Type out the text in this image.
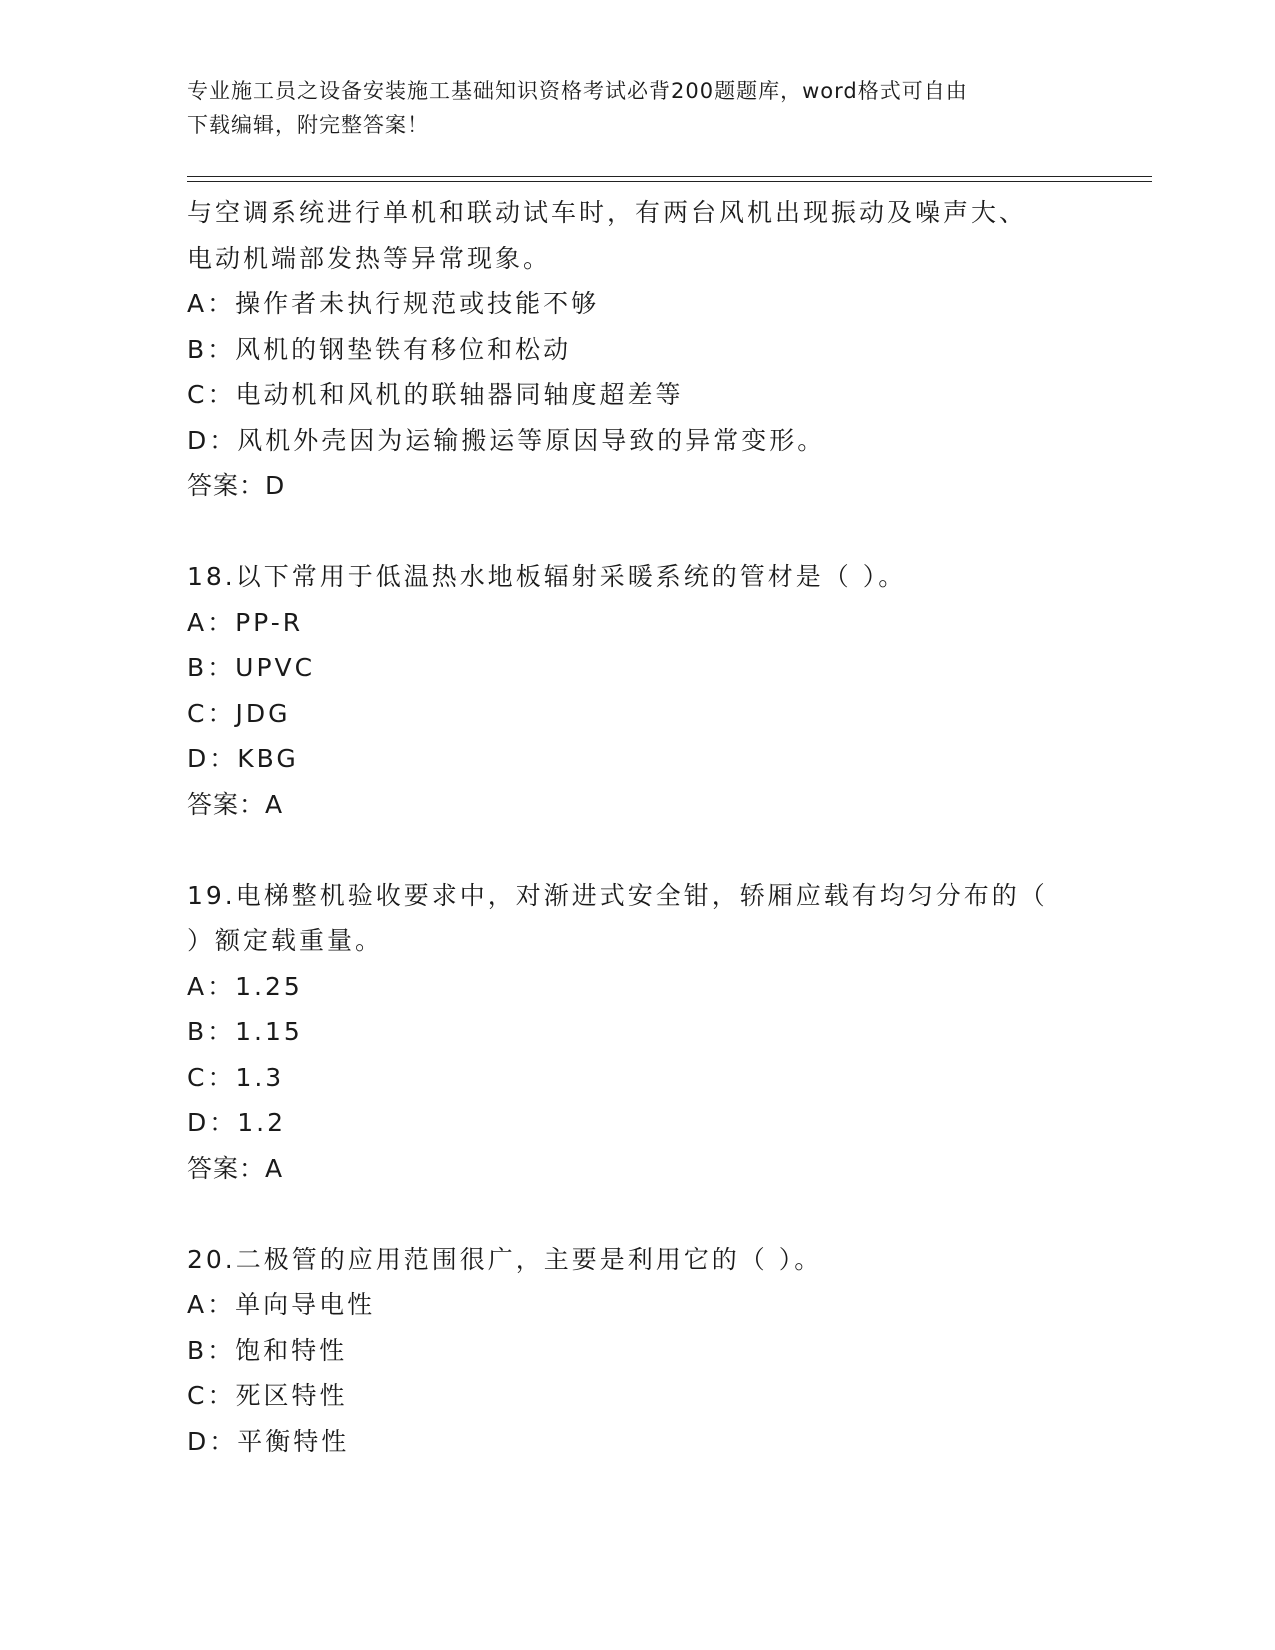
专业施工员之设备安装施工基础知识资格考试必背200题题库，word格式可自由
下载编辑，附完整答案！
与空调系统进行单机和联动试车时，有两台风机出现振动及噪声大、
电动机端部发热等异常现象。
A：操作者未执行规范或技能不够
B：风机的钢垫铁有移位和松动
C：电动机和风机的联轴器同轴度超差等
D：风机外壳因为运输搬运等原因导致的异常变形。
答案：D
18.以下常用于低温热水地板辐射采暖系统的管材是（ ）。
A：PP-R
B：UPVC
C：JDG
D：KBG
答案：A
19.电梯整机验收要求中，对渐进式安全钳，轿厢应载有均匀分布的（
）额定载重量。
A：1.25
B：1.15
C：1.3
D：1.2
答案：A
20.二极管的应用范围很广，主要是利用它的（ ）。
A：单向导电性
B：饱和特性
C：死区特性
D：平衡特性
